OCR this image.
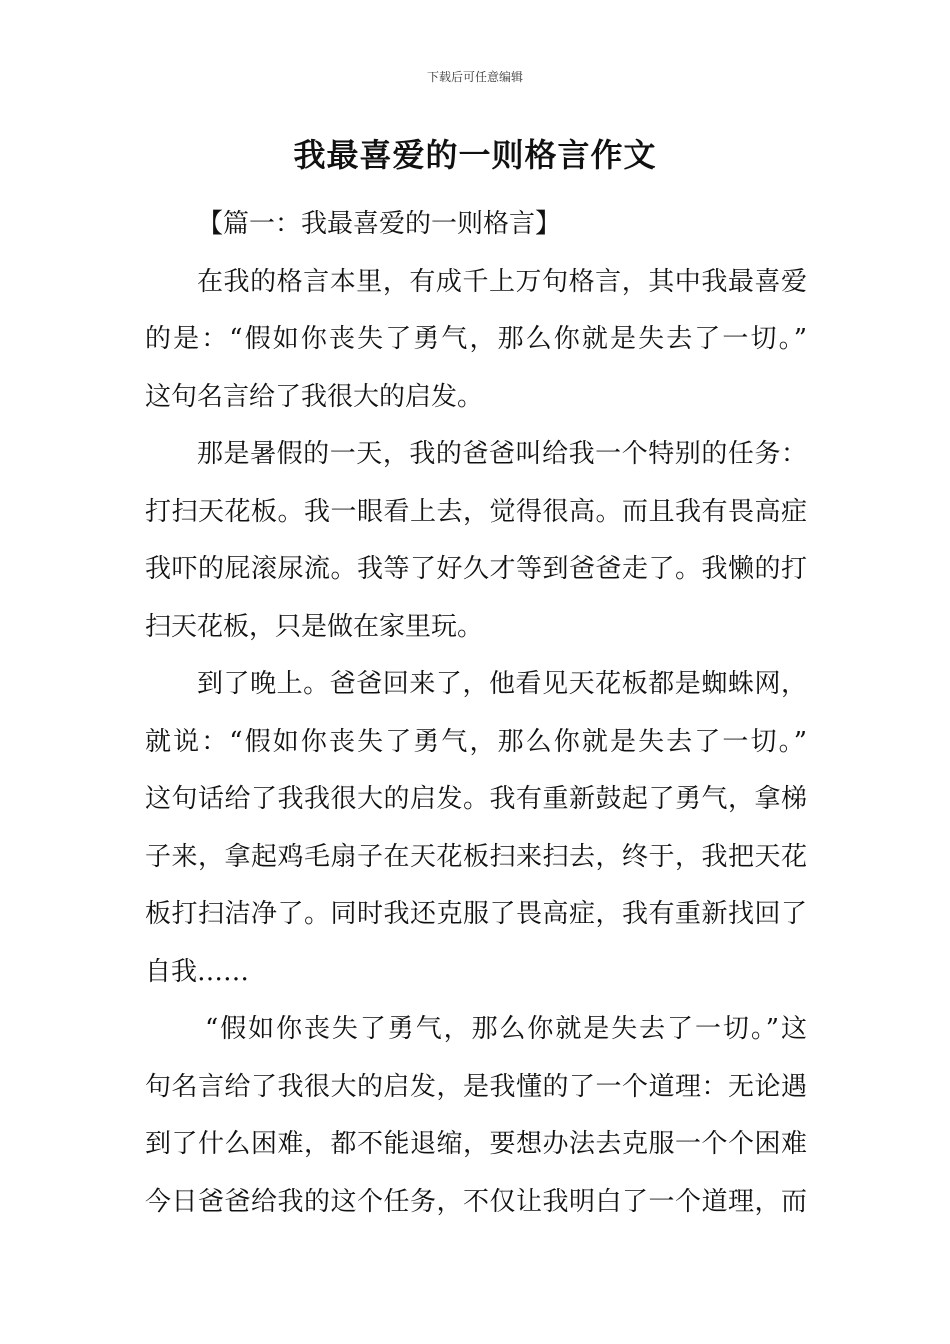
下载后可任意编辑
我最喜爱的一则格言作文
【篇一：我最喜爱的一则格言】
在我的格言本里，有成千上万句格言，其中我最喜爱
的是：“假如你丧失了勇气，那么你就是失去了一切。”
这句名言给了我很大的启发。
那是暑假的一天，我的爸爸叫给我一个特别的任务：
打扫天花板。我一眼看上去，觉得很高。而且我有畏高症
我吓的屁滚尿流。我等了好久才等到爸爸走了。我懒的打
扫天花板，只是做在家里玩。
到了晚上。爸爸回来了，他看见天花板都是蜘蛛网，
就说：“假如你丧失了勇气，那么你就是失去了一切。”
这句话给了我我很大的启发。我有重新鼓起了勇气，拿梯
子来，拿起鸡毛扇子在天花板扫来扫去，终于，我把天花
板打扫洁净了。同时我还克服了畏高症，我有重新找回了
自我……
“假如你丧失了勇气，那么你就是失去了一切。”这
句名言给了我很大的启发，是我懂的了一个道理：无论遇
到了什么困难，都不能退缩，要想办法去克服一个个困难
今日爸爸给我的这个任务，不仅让我明白了一个道理，而
